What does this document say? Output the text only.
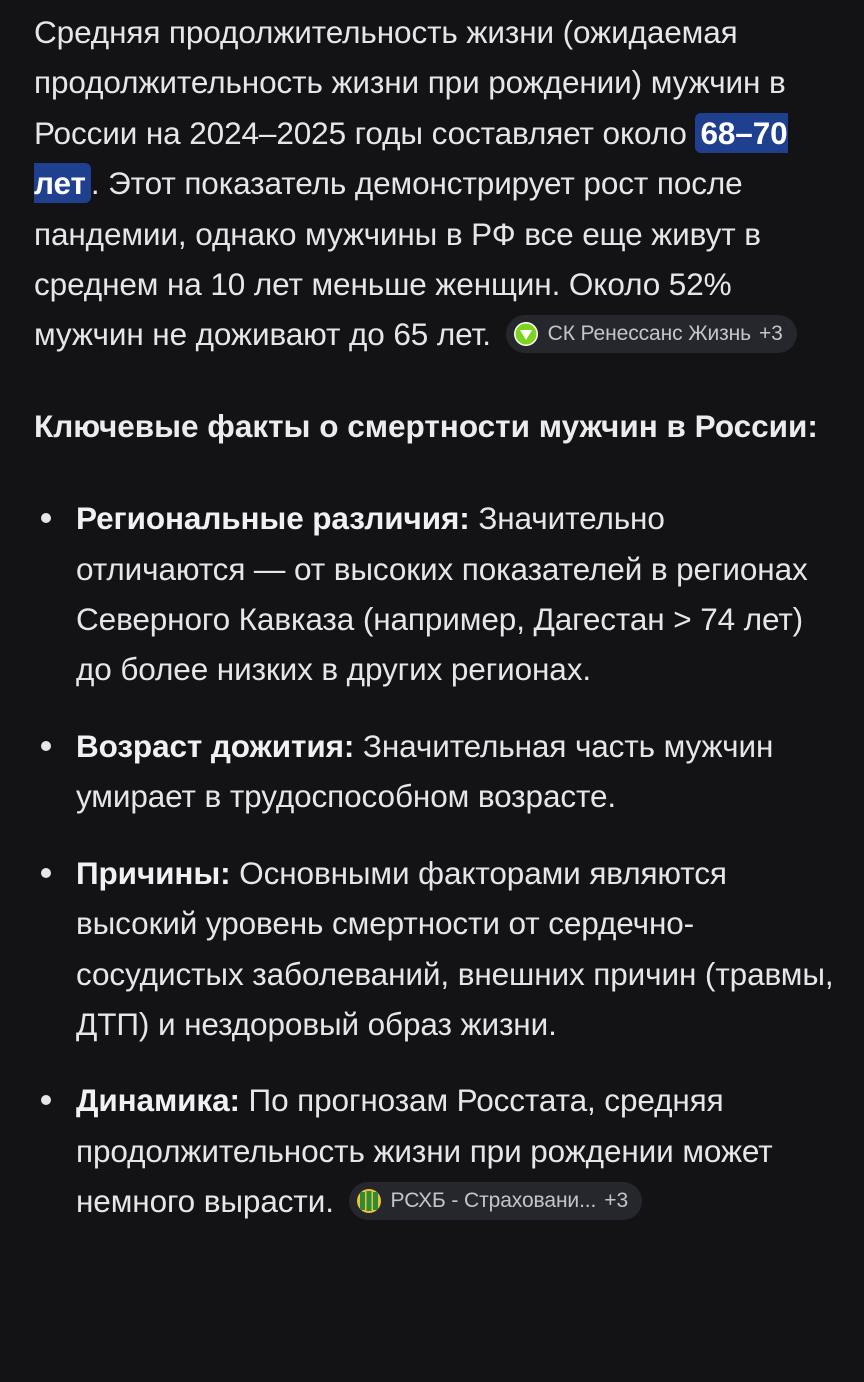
Средняя продолжительность жизни (ожидаемая продолжительность жизни при рождении) мужчин в России на 2024–2025 годы составляет около 68–70 лет . Этот показатель демонстрирует рост после пандемии, однако мужчины в РФ все еще живут в среднем на 10 лет меньше женщин. Около 52% мужчин не доживают до 65 лет.	СК Ренессанс Жизнь +3

Ключевые факты о смертности мужчин в России:
Региональные различия: Значительно отличаются — от высоких показателей в регионах Северного Кавказа (например, Дагестан > 74 лет) до более низких в других регионах.
Возраст дожития: Значительная часть мужчин умирает в трудоспособном возрасте.
Причины: Основными факторами являются высокий уровень смертности от сердечно-сосудистых заболеваний, внешних причин (травмы, ДТП) и нездоровый образ жизни.
Динамика: По прогнозам Росстата, средняя продолжительность жизни при рождении может немного вырасти.	РСХБ - Страховани... +3
